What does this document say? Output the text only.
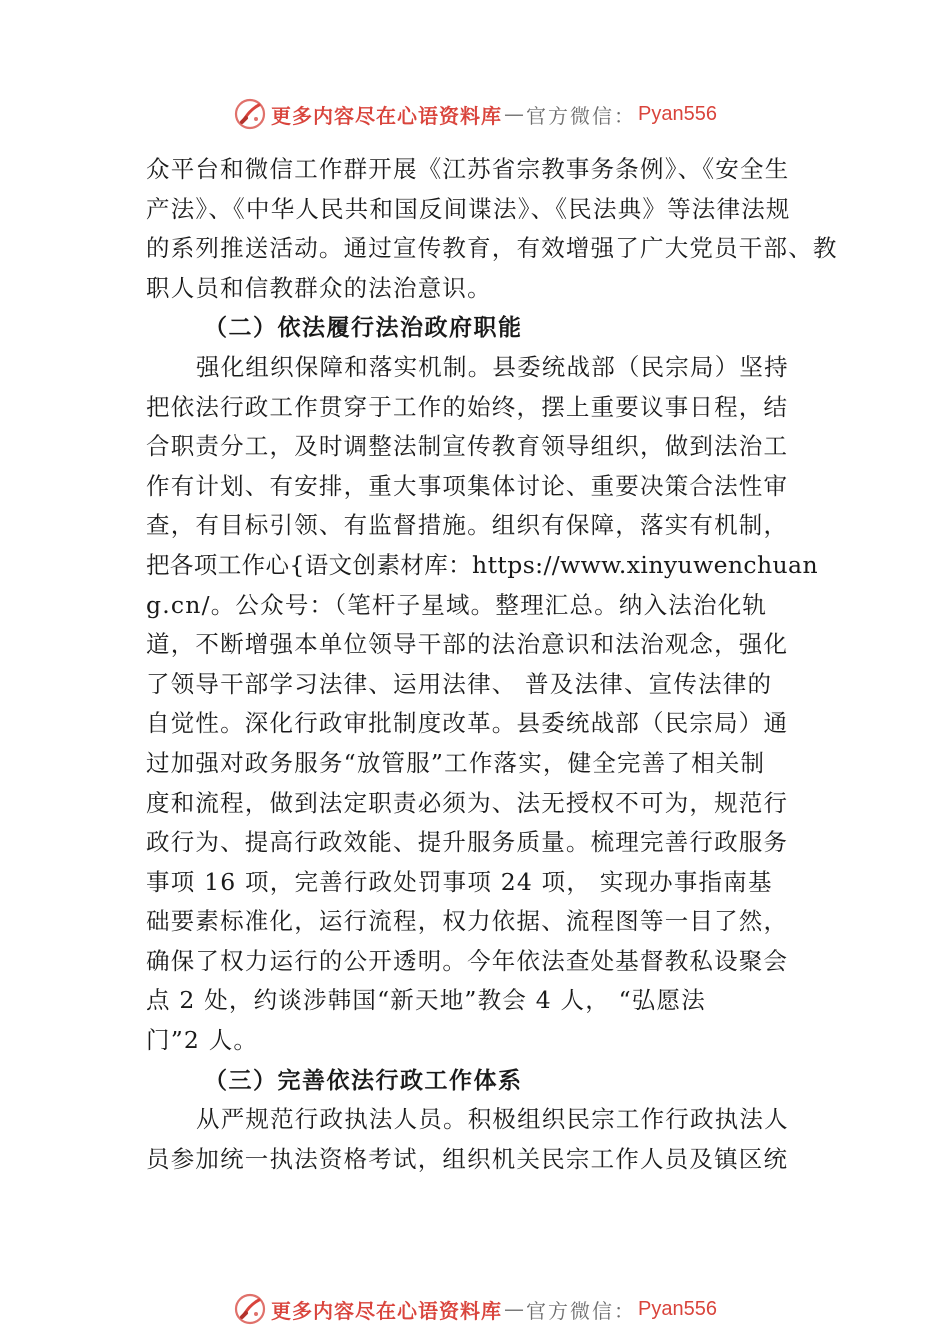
更多内容尽在心语资料库 — 官方微信： Pyan556
众平台和微信工作群开展《江苏省宗教事务条例》、《安全生
产法》、《中华人民共和国反间谍法》、《民法典》等法律法规
的系列推送活动。通过宣传教育，有效增强了广大党员干部、教
职人员和信教群众的法治意识。
（二）依法履行法治政府职能
强化组织保障和落实机制。县委统战部（民宗局）坚持
把依法行政工作贯穿于工作的始终，摆上重要议事日程，结
合职责分工，及时调整法制宣传教育领导组织，做到法治工
作有计划、有安排，重大事项集体讨论、重要决策合法性审
查，有目标引领、有监督措施。组织有保障，落实有机制，
把各项工作心{语文创素材库：https://www.xinyuwenchuan
g.cn/。公众号：（笔杆子星域。整理汇总。纳入法治化轨
道，不断增强本单位领导干部的法治意识和法治观念，强化
了领导干部学习法律、运用法律、 普及法律、宣传法律的
自觉性。深化行政审批制度改革。县委统战部（民宗局）通
过加强对政务服务“放管服”工作落实，健全完善了相关制
度和流程，做到法定职责必须为、法无授权不可为，规范行
政行为、提高行政效能、提升服务质量。梳理完善行政服务
事项 16 项，完善行政处罚事项 24 项， 实现办事指南基
础要素标准化，运行流程，权力依据、流程图等一目了然，
确保了权力运行的公开透明。今年依法查处基督教私设聚会
点 2 处，约谈涉韩国“新天地”教会 4 人， “弘愿法
门”2 人。
（三）完善依法行政工作体系
从严规范行政执法人员。积极组织民宗工作行政执法人
员参加统一执法资格考试，组织机关民宗工作人员及镇区统
更多内容尽在心语资料库 — 官方微信： Pyan556
